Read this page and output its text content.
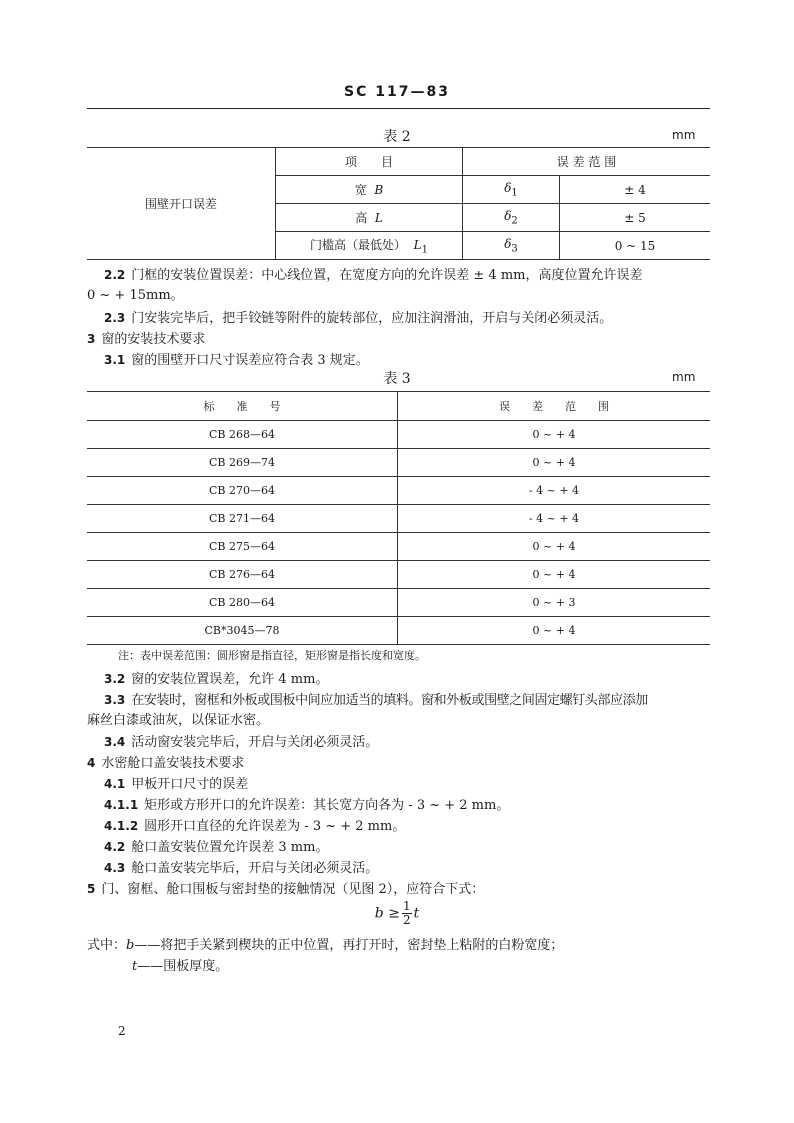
SC 117—83
表 2	mm
围壁开口误差	项　　目	误 差 范 围	
	宽 B	$\delta_1$	± 4
	高 L	$\delta_2$	± 5
	门槛高（最低处） $L_1$	$\delta_3$	0 ~ 15
2.2 门框的安装位置误差：中心线位置，在宽度方向的允许误差 ± 4 mm，高度位置允许误差
0 ~ + 15mm。
2.3 门安装完毕后，把手铰链等附件的旋转部位，应加注润滑油，开启与关闭必须灵活。
3 窗的安装技术要求
3.1 窗的围壁开口尺寸误差应符合表 3 规定。
表 3	mm
标　　准　　号	误　　差　　范　　围
CB 268—64	0 ~ + 4
CB 269—74	0 ~ + 4
CB 270—64	- 4 ~ + 4
CB 271—64	- 4 ~ + 4
CB 275—64	0 ~ + 4
CB 276—64	0 ~ + 4
CB 280—64	0 ~ + 3
CB*3045—78	0 ~ + 4
注：表中误差范围：圆形窗是指直径，矩形窗是指长度和宽度。
3.2 窗的安装位置误差，允许 4 mm。
3.3 在安装时，窗框和外板或围板中间应加适当的填料。窗和外板或围壁之间固定螺钉头部应添加
麻丝白漆或油灰，以保证水密。
3.4 活动窗安装完毕后，开启与关闭必须灵活。
4 水密舱口盖安装技术要求
4.1 甲板开口尺寸的误差
4.1.1 矩形或方形开口的允许误差：其长宽方向各为 - 3 ~ + 2 mm。
4.1.2 圆形开口直径的允许误差为 - 3 ~ + 2 mm。
4.2 舱口盖安装位置允许误差 3 mm。
4.3 舱口盖安装完毕后，开启与关闭必须灵活。
5 门、窗框、舱口围板与密封垫的接触情况（见图 2），应符合下式：
$b \ge \frac{1}{2}$ t
式中：b——将把手关紧到楔块的正中位置，再打开时，密封垫上粘附的白粉宽度；
t——围板厚度。
2
